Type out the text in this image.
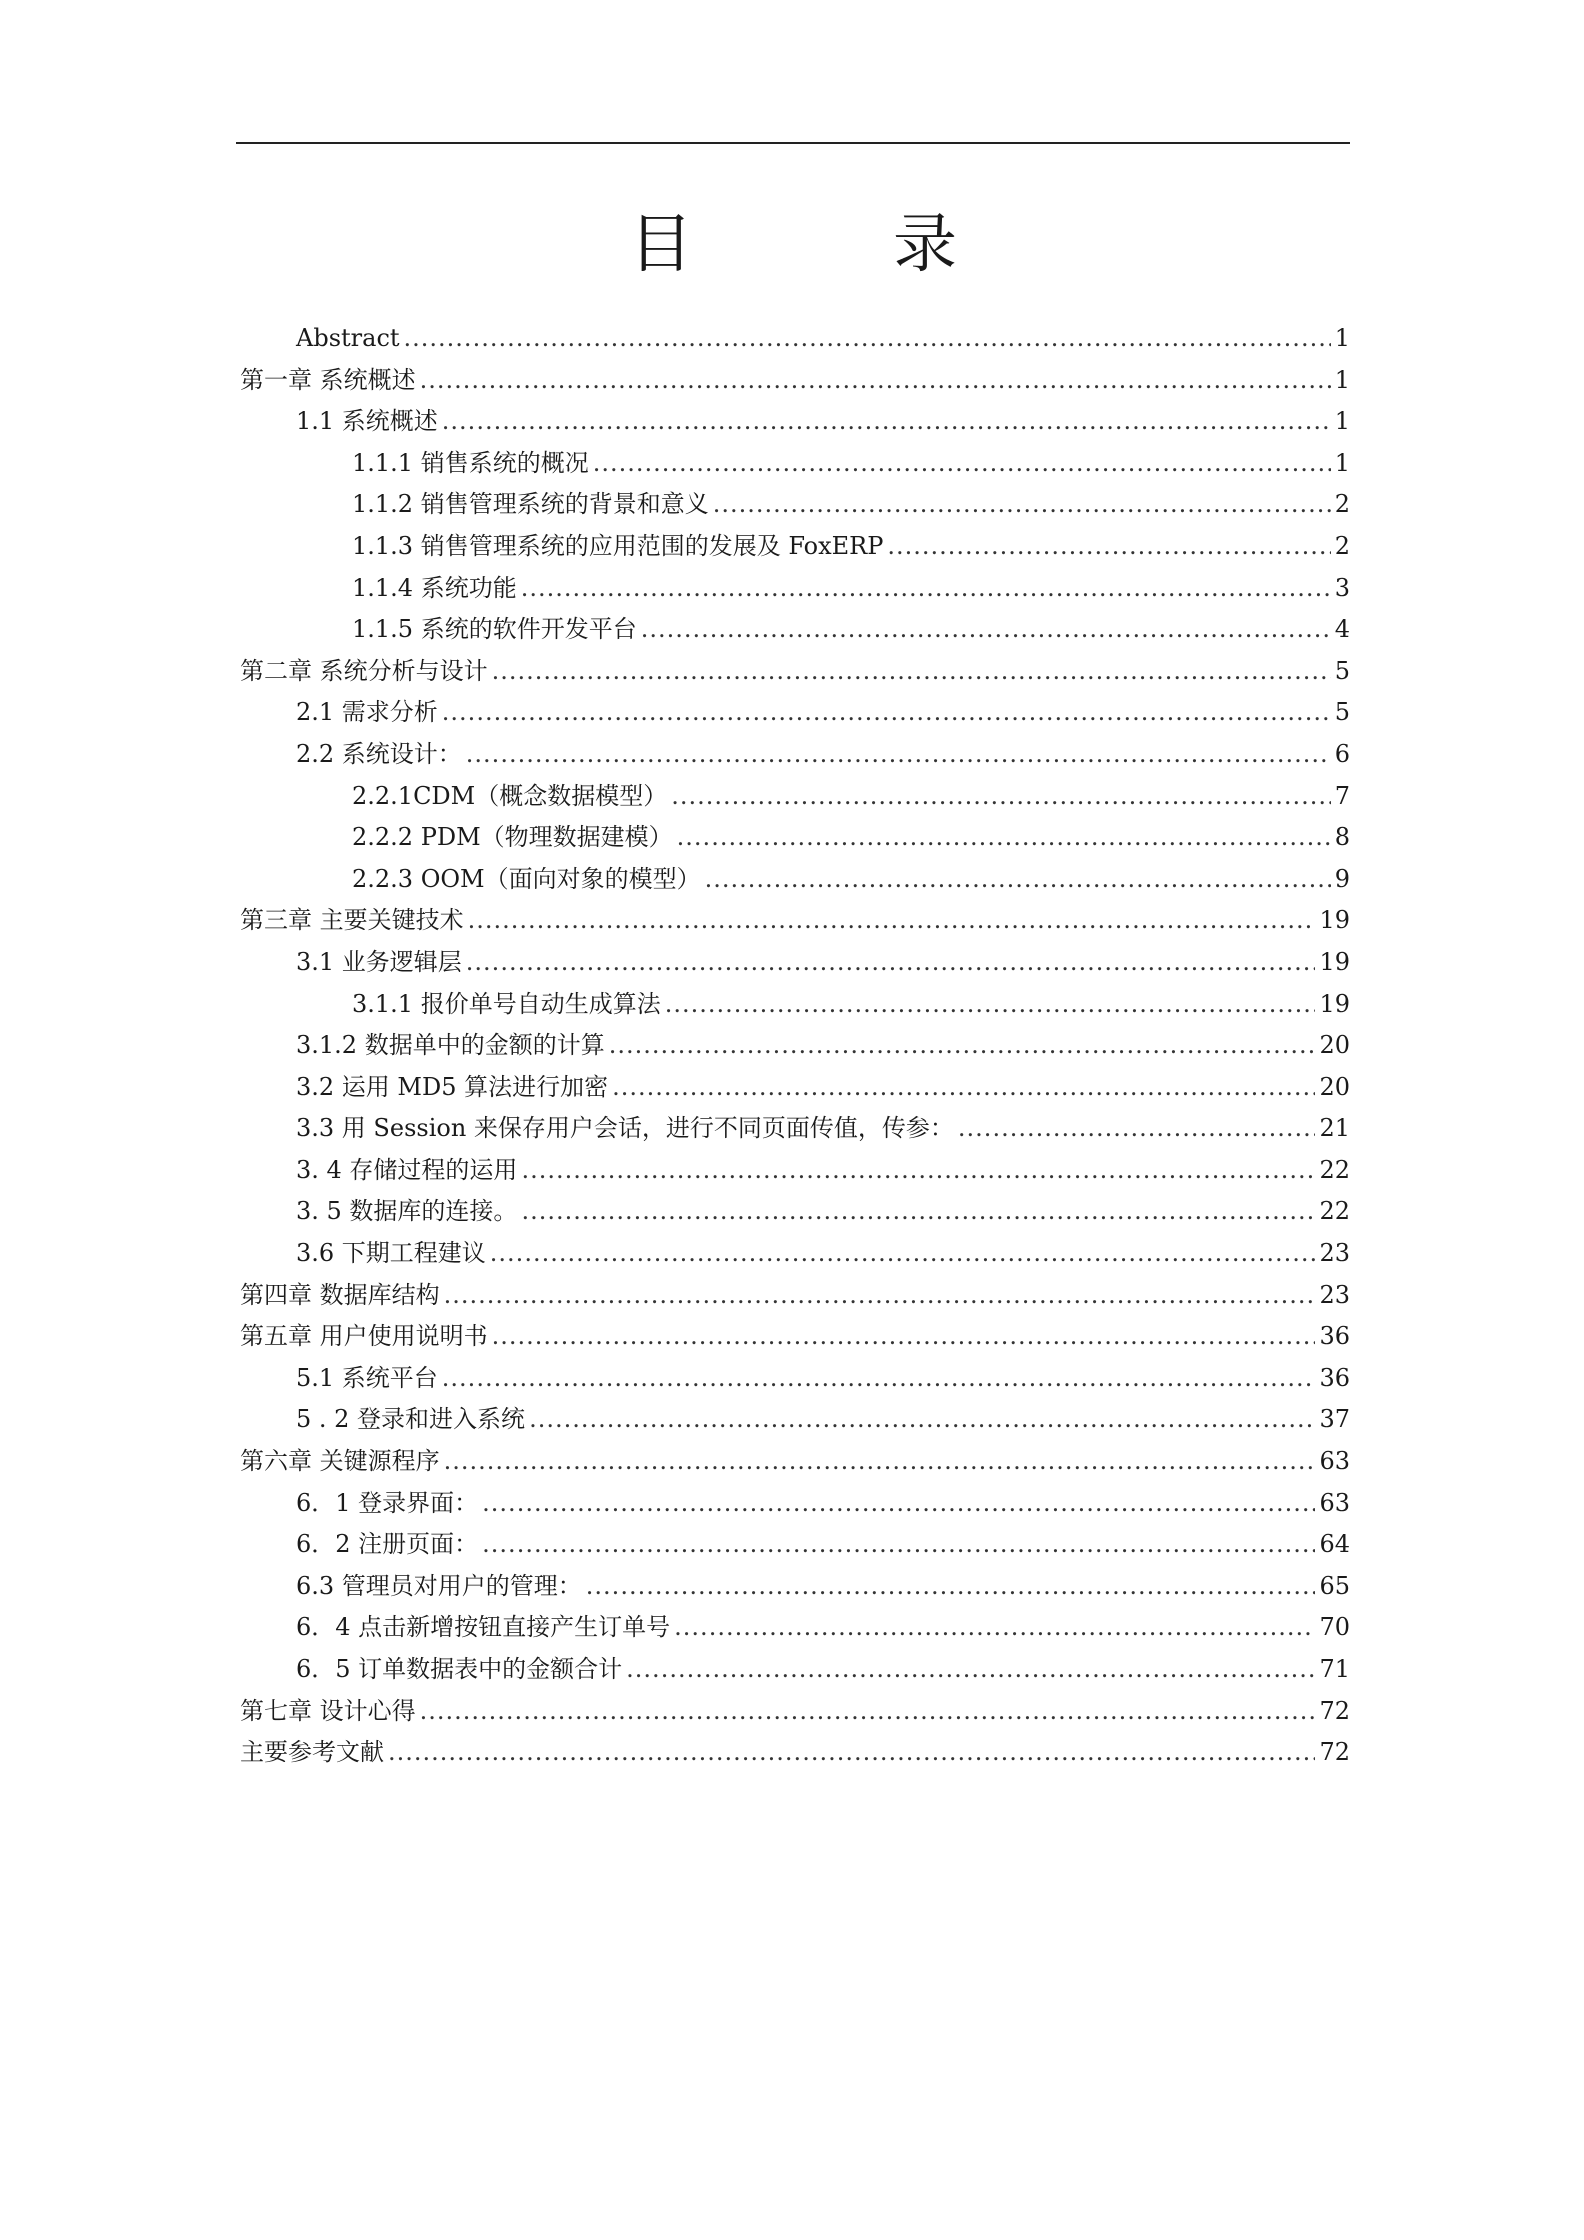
目	录
Abstract .....	1
第一章 系统概述 .....	1
1.1 系统概述 .....	1
1.1.1 销售系统的概况 .....	1
1.1.2 销售管理系统的背景和意义 .....	2
1.1.3 销售管理系统的应用范围的发展及 FoxERP .....	2
1.1.4 系统功能 .....	3
1.1.5 系统的软件开发平台 .....	4
第二章 系统分析与设计 .....	5
2.1 需求分析 .....	5
2.2 系统设计： .....	6
2.2.1CDM（概念数据模型） .....	7
2.2.2 PDM（物理数据建模） .....	8
2.2.3 OOM（面向对象的模型） .....	9
第三章 主要关键技术 .....	19
3.1 业务逻辑层 .....	19
3.1.1 报价单号自动生成算法 .....	19
3.1.2 数据单中的金额的计算 .....	20
3.2 运用 MD5 算法进行加密 .....	20
3.3 用 Session 来保存用户会话，进行不同页面传值，传参： .....	21
3. 4 存储过程的运用 .....	22
3. 5 数据库的连接。 .....	22
3.6 下期工程建议 .....	23
第四章 数据库结构 .....	23
第五章 用户使用说明书 .....	36
5.1 系统平台 .....	36
5 . 2 登录和进入系统 .....	37
第六章 关键源程序 .....	63
6．1 登录界面： .....	63
6．2 注册页面： .....	64
6.3 管理员对用户的管理： .....	65
6．4 点击新增按钮直接产生订单号 .....	70
6．5 订单数据表中的金额合计 .....	71
第七章 设计心得 .....	72
主要参考文献 .....	72
